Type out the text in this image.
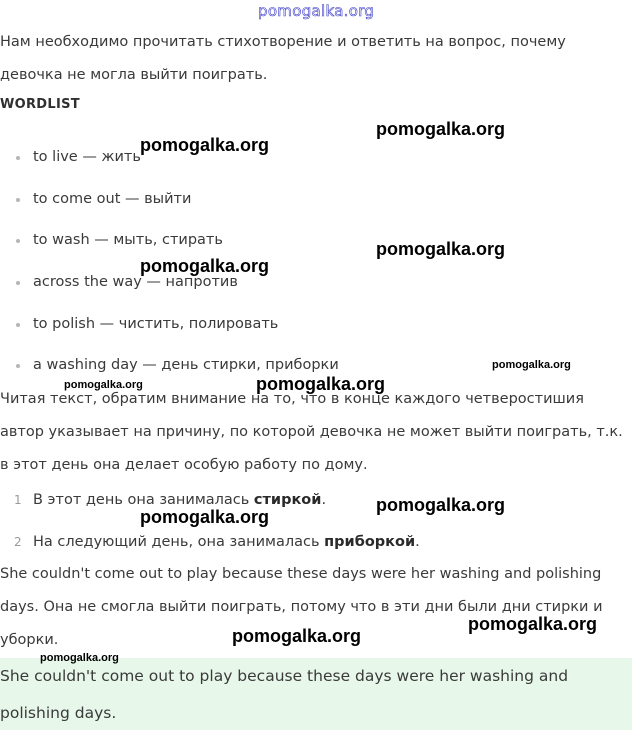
pomogalka.org

Нам необходимо прочитать стихотворение и ответить на вопрос, почему девочка не могла выйти поиграть.

WORDLIST
to live — жить
to come out — выйти
to wash — мыть, стирать
across the way — напротив
to polish — чистить, полировать
a washing day — день стирки, приборки

Читая текст, обратим внимание на то, что в конце каждого четверостишия автор указывает на причину, по которой девочка не может выйти поиграть, т.к. в этот день она делает особую работу по дому.

1 В этот день она занималась стиркой.
2 На следующий день, она занималась приборкой.

She couldn't come out to play because these days were her washing and polishing days. Она не смогла выйти поиграть, потому что в эти дни были дни стирки и уборки.

She couldn't come out to play because these days were her washing and polishing days.

pomogalka.org
pomogalka.org
pomogalka.org
pomogalka.org
pomogalka.org
pomogalka.org	pomogalka.org
pomogalka.org
pomogalka.org
pomogalka.org
pomogalka.org
pomogalka.org
